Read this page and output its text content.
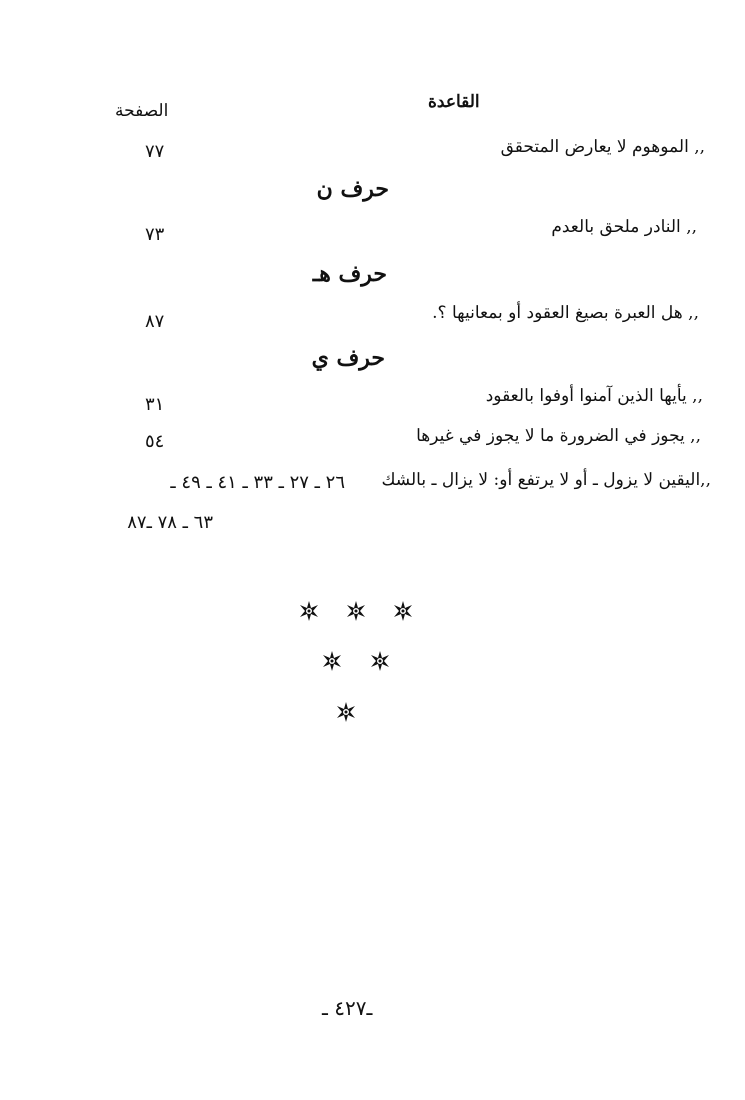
القاعدة
الصفحة
,, الموهوم لا يعارض المتحقق
٧٧
حرف ن
,, النادر ملحق بالعدم
٧٣
حرف هـ
,, هل العبرة بصيغ العقود أو بمعانيها ؟.
٨٧
حرف ي
,, يأيها الذين آمنوا أوفوا بالعقود
٣١
,, يجوز في الضرورة ما لا يجوز في غيرها
٥٤
,,اليقين لا يزول ـ أو لا يرتفع أو: لا يزال ـ بالشك
٢٦ ـ ٢٧ ـ ٣٣ ـ ٤١ ـ ٤٩ ـ
٦٣ ـ ٧٨ ـ٨٧
ـ٤٢٧ ـ
